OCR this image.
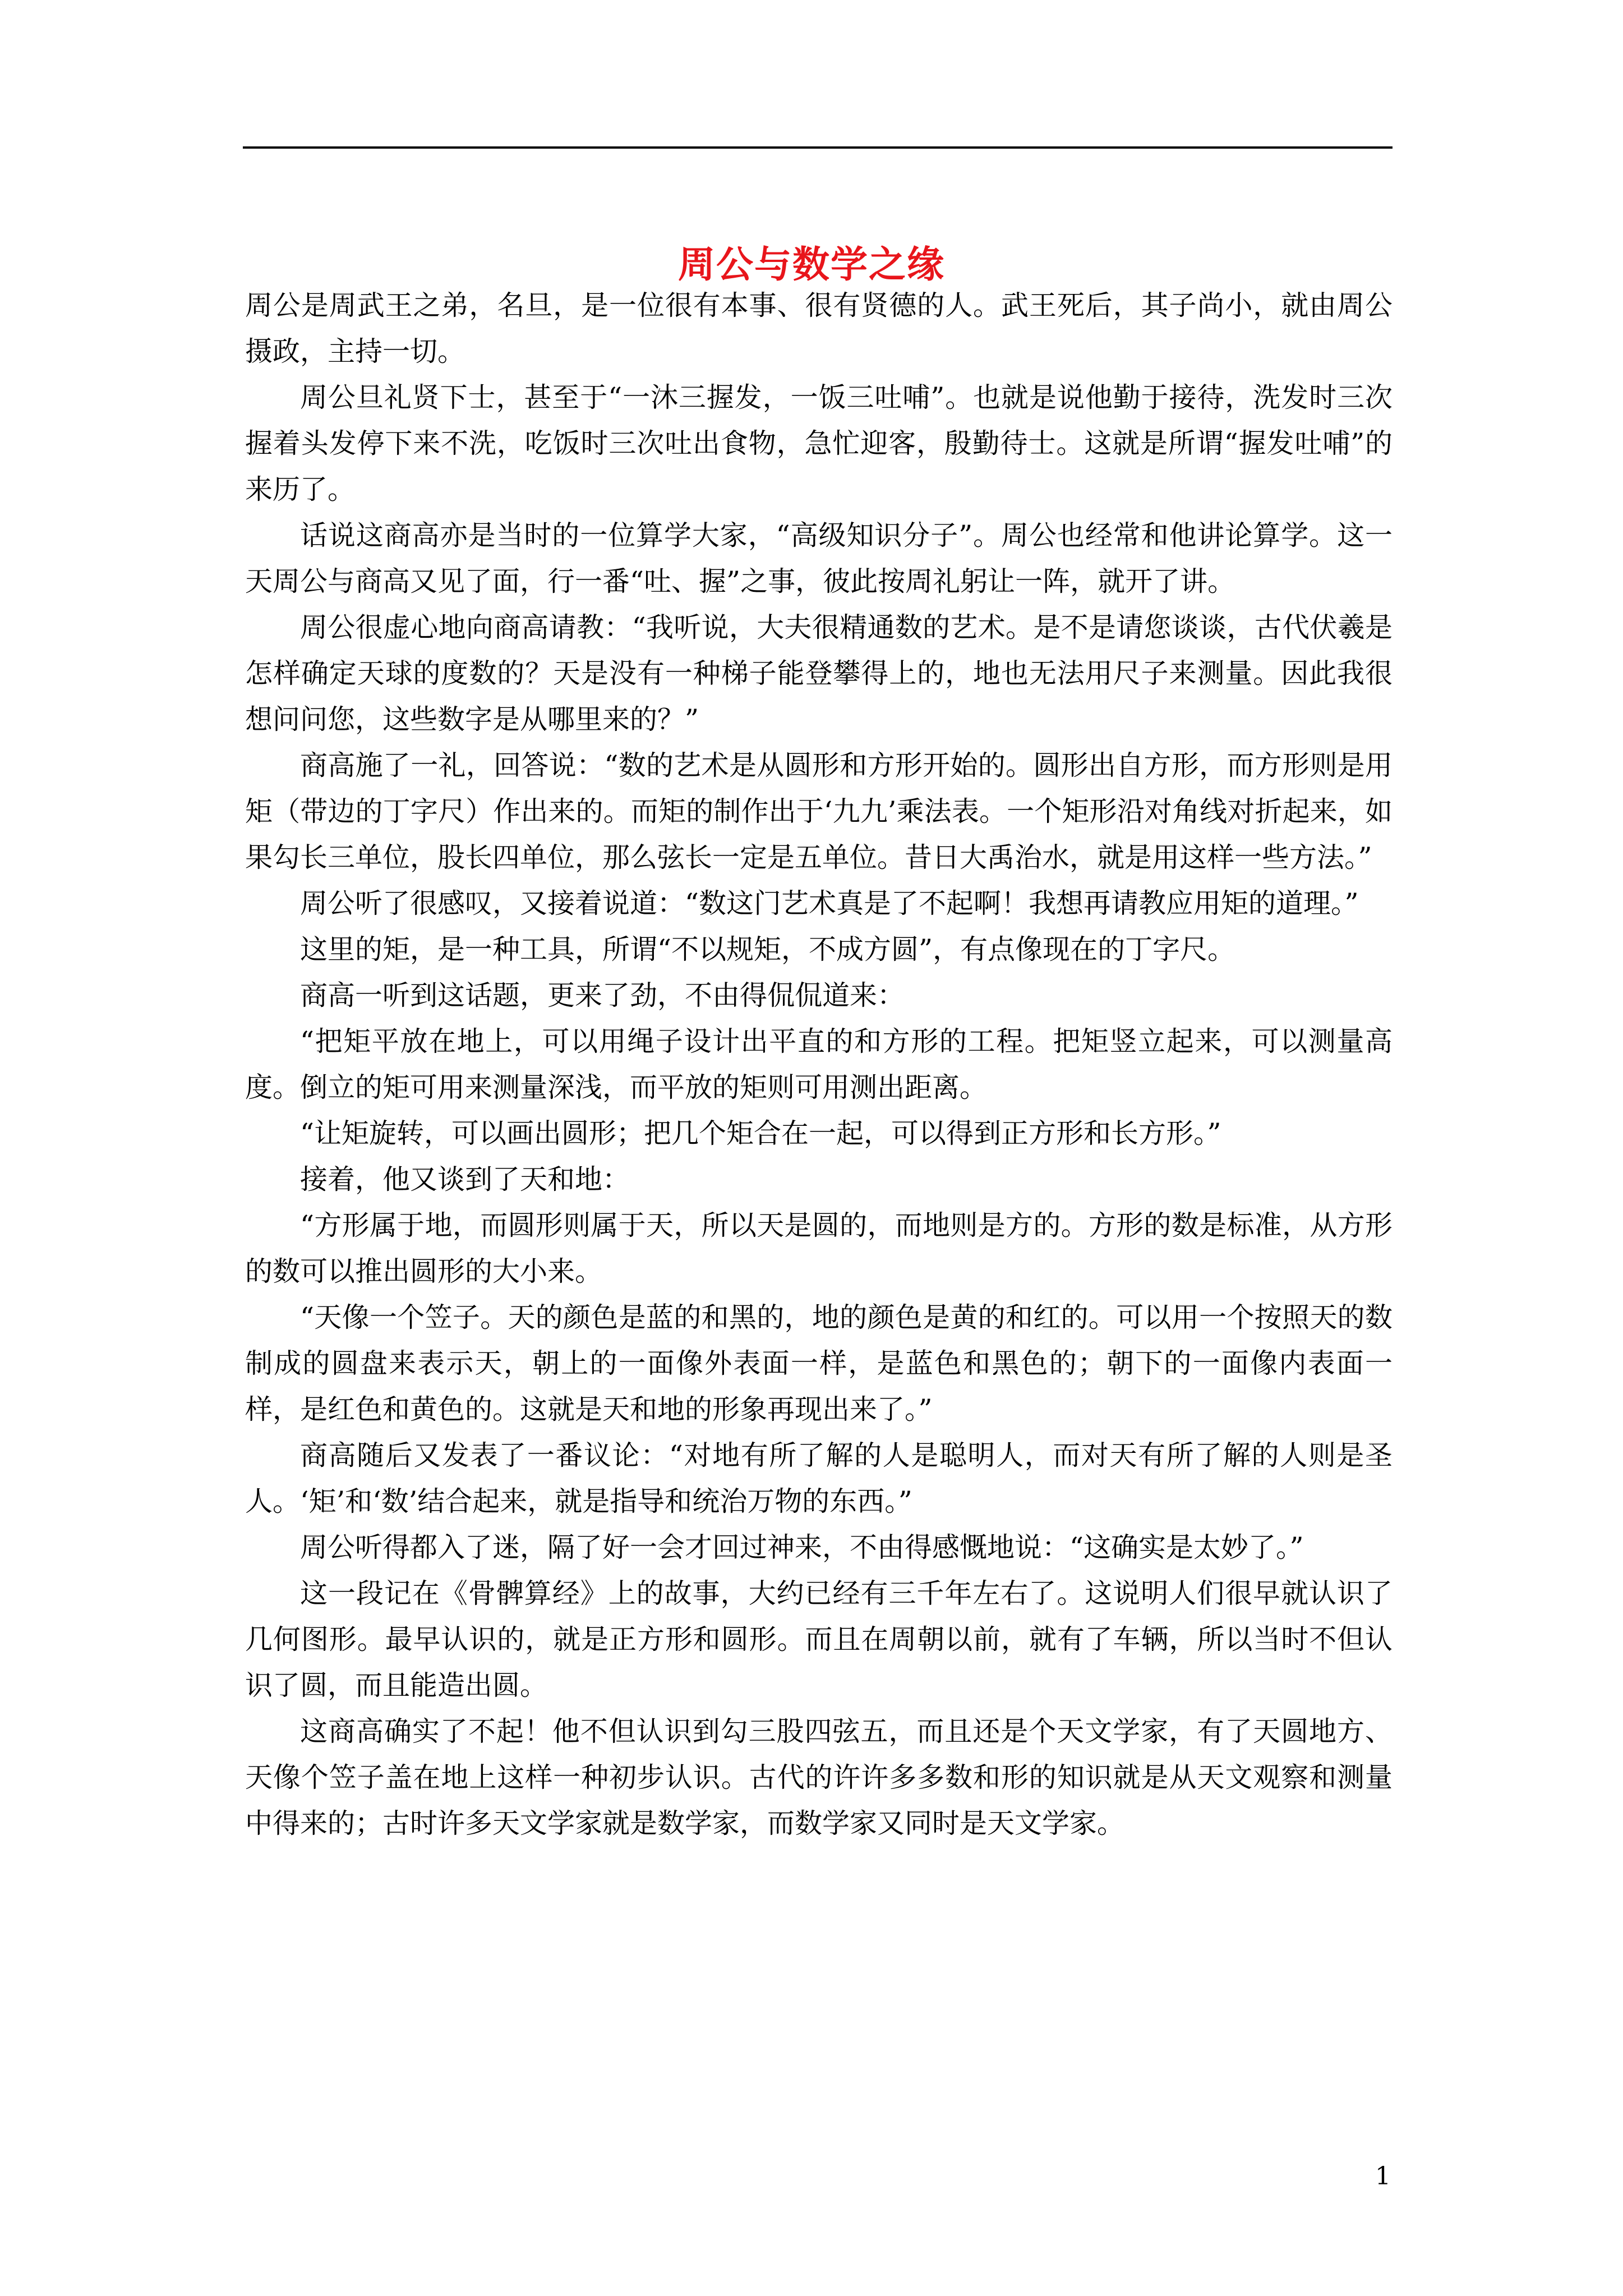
周公与数学之缘

周公是周武王之弟，名旦，是一位很有本事、很有贤德的人。武王死后，其子尚小，就由周公摄政，主持一切。

周公旦礼贤下士，甚至于“一沐三握发，一饭三吐哺”。也就是说他勤于接待，洗发时三次握着头发停下来不洗，吃饭时三次吐出食物，急忙迎客，殷勤待士。这就是所谓“握发吐哺”的来历了。

话说这商高亦是当时的一位算学大家，“高级知识分子”。周公也经常和他讲论算学。这一天周公与商高又见了面，行一番“吐、握”之事，彼此按周礼躬让一阵，就开了讲。

周公很虚心地向商高请教：“我听说，大夫很精通数的艺术。是不是请您谈谈，古代伏羲是怎样确定天球的度数的？天是没有一种梯子能登攀得上的，地也无法用尺子来测量。因此我很想问问您，这些数字是从哪里来的？”

商高施了一礼，回答说：“数的艺术是从圆形和方形开始的。圆形出自方形，而方形则是用矩（带边的丁字尺）作出来的。而矩的制作出于‘九九’乘法表。一个矩形沿对角线对折起来，如果勾长三单位，股长四单位，那么弦长一定是五单位。昔日大禹治水，就是用这样一些方法。”

周公听了很感叹，又接着说道：“数这门艺术真是了不起啊！我想再请教应用矩的道理。”

这里的矩，是一种工具，所谓“不以规矩，不成方圆”，有点像现在的丁字尺。

商高一听到这话题，更来了劲，不由得侃侃道来：

“把矩平放在地上，可以用绳子设计出平直的和方形的工程。把矩竖立起来，可以测量高度。倒立的矩可用来测量深浅，而平放的矩则可用测出距离。

“让矩旋转，可以画出圆形；把几个矩合在一起，可以得到正方形和长方形。”

接着，他又谈到了天和地：

“方形属于地，而圆形则属于天，所以天是圆的，而地则是方的。方形的数是标准，从方形的数可以推出圆形的大小来。

“天像一个笠子。天的颜色是蓝的和黑的，地的颜色是黄的和红的。可以用一个按照天的数制成的圆盘来表示天，朝上的一面像外表面一样，是蓝色和黑色的；朝下的一面像内表面一样，是红色和黄色的。这就是天和地的形象再现出来了。”

商高随后又发表了一番议论：“对地有所了解的人是聪明人，而对天有所了解的人则是圣人。‘矩’和‘数’结合起来，就是指导和统治万物的东西。”

周公听得都入了迷，隔了好一会才回过神来，不由得感慨地说：“这确实是太妙了。”

这一段记在《骨髀算经》上的故事，大约已经有三千年左右了。这说明人们很早就认识了几何图形。最早认识的，就是正方形和圆形。而且在周朝以前，就有了车辆，所以当时不但认识了圆，而且能造出圆。

这商高确实了不起！他不但认识到勾三股四弦五，而且还是个天文学家，有了天圆地方、天像个笠子盖在地上这样一种初步认识。古代的许许多多数和形的知识就是从天文观察和测量中得来的；古时许多天文学家就是数学家，而数学家又同时是天文学家。

1
